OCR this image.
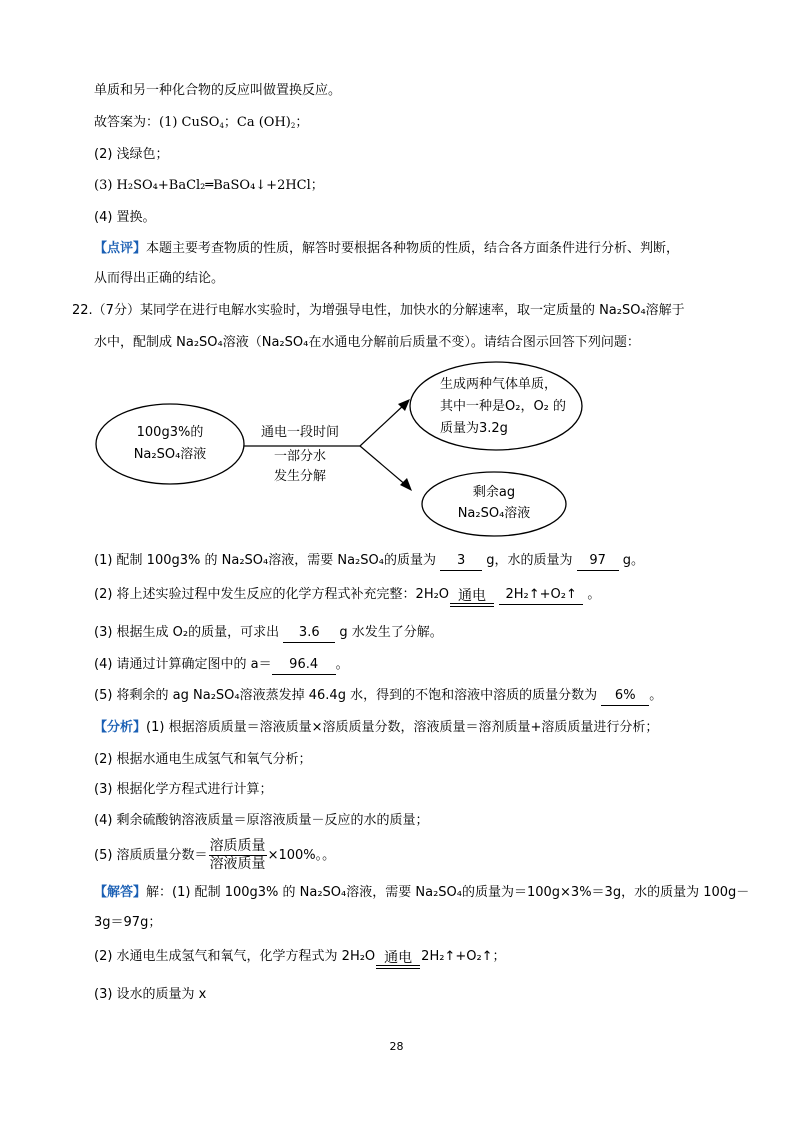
单质和另一种化合物的反应叫做置换反应。
故答案为：(1) CuSO$_4$；Ca $(OH)_2$；
(2) 浅绿色；
(3) H₂SO₄+BaCl₂═BaSO₄↓+2HCl；
(4) 置换。
【点评】本题主要考查物质的性质，解答时要根据各种物质的性质，结合各方面条件进行分析、判断，
从而得出正确的结论。
22.（7分）某同学在进行电解水实验时，为增强导电性，加快水的分解速率，取一定质量的 Na₂SO₄溶解于
水中，配制成 Na₂SO₄溶液（Na₂SO₄在水通电分解前后质量不变）。请结合图示回答下列问题：
100g3%的
Na₂SO₄溶液
通电一段时间
一部分水
发生分解
生成两种气体单质，
其中一种是O₂，O₂ 的
质量为3.2g
剩余ag
Na₂SO₄溶液
(1) 配制 100g3% 的 Na₂SO₄溶液，需要 Na₂SO₄的质量为 3 g，水的质量为 97 g。
(2) 将上述实验过程中发生反应的化学方程式补充完整：2H₂O 通电	2H₂↑+O₂↑ 。
(3) 根据生成 O₂的质量，可求出 3.6 g 水发生了分解。
(4) 请通过计算确定图中的 a＝ 96.4 。
(5) 将剩余的 ag Na₂SO₄溶液蒸发掉 46.4g 水，得到的不饱和溶液中溶质的质量分数为 6% 。
【分析】(1) 根据溶质质量＝溶液质量×溶质质量分数，溶液质量＝溶剂质量+溶质质量进行分析；
(2) 根据水通电生成氢气和氧气分析；
(3) 根据化学方程式进行计算；
(4) 剩余硫酸钠溶液质量＝原溶液质量－反应的水的质量；
(5) 溶质质量分数＝ $\frac{\text{溶质质量}}{\text{溶液质量}} \times 100\%$。。
【解答】解：(1) 配制 100g3% 的 Na₂SO₄溶液，需要 Na₂SO₄的质量为＝100g×3%＝3g，水的质量为 100g－
3g＝97g；
(2) 水通电生成氢气和氧气，化学方程式为 2H₂O 通电 2H₂↑+O₂↑；
(3) 设水的质量为 x
28
